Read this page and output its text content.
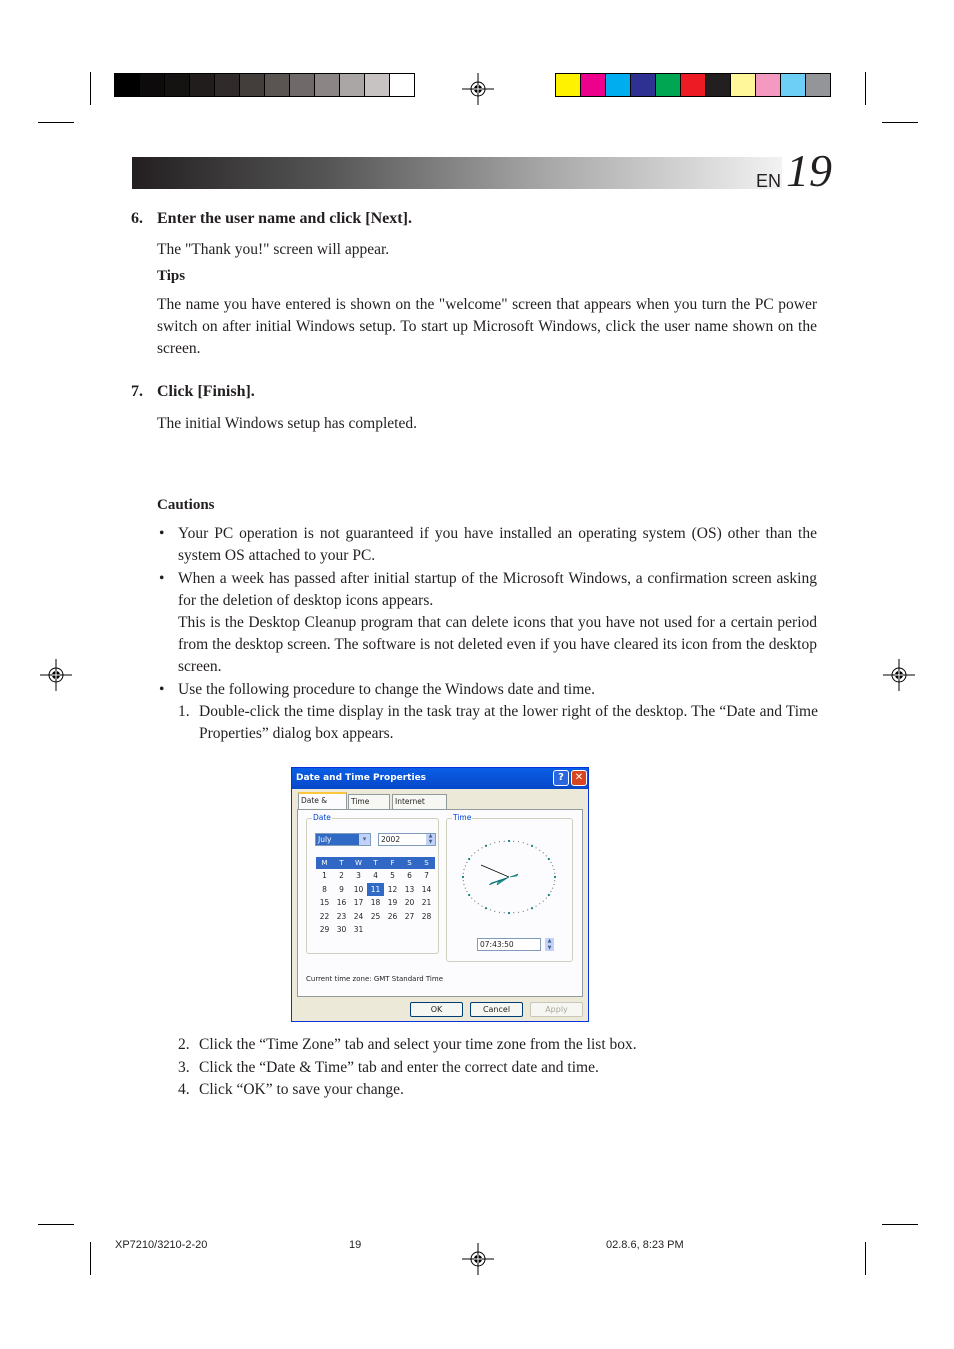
EN 19
6. Enter the user name and click [Next].
The "Thank you!" screen will appear.
Tips
The name you have entered is shown on the "welcome" screen that appears when you turn the PC power switch on after initial Windows setup. To start up Microsoft Windows, click the user name shown on the screen.
7. Click [Finish].
The initial Windows setup has completed.
Cautions
• Your PC operation is not guaranteed if you have installed an operating system (OS) other than the system OS attached to your PC.
• When a week has passed after initial startup of the Microsoft Windows, a confirmation screen asking for the deletion of desktop icons appears.
This is the Desktop Cleanup program that can delete icons that you have not used for a certain period from the desktop screen. The software is not deleted even if you have cleared its icon from the desktop screen.
• Use the following procedure to change the Windows date and time.
1. Double-click the time display in the task tray at the lower right of the desktop. The “Date and Time Properties” dialog box appears.
Date and Time Properties	?	✕
Date &	Time	Internet
Date
July	▾	2002	▲
▼
M	T	W	T	F	S	S
1	2	3	4	5	6	7
8	9	10 11 12 13 14
15 16 17 18 19 20 21
22 23 24 25 26 27 28
29 30 31
Time
07:43:50	▲
▼
Current time zone: GMT Standard Time
OK	Cancel	Apply
2. Click the “Time Zone” tab and select your time zone from the list box.
3. Click the “Date & Time” tab and enter the correct date and time.
4. Click “OK” to save your change.
XP7210/3210-2-20	19	02.8.6, 8:23 PM
